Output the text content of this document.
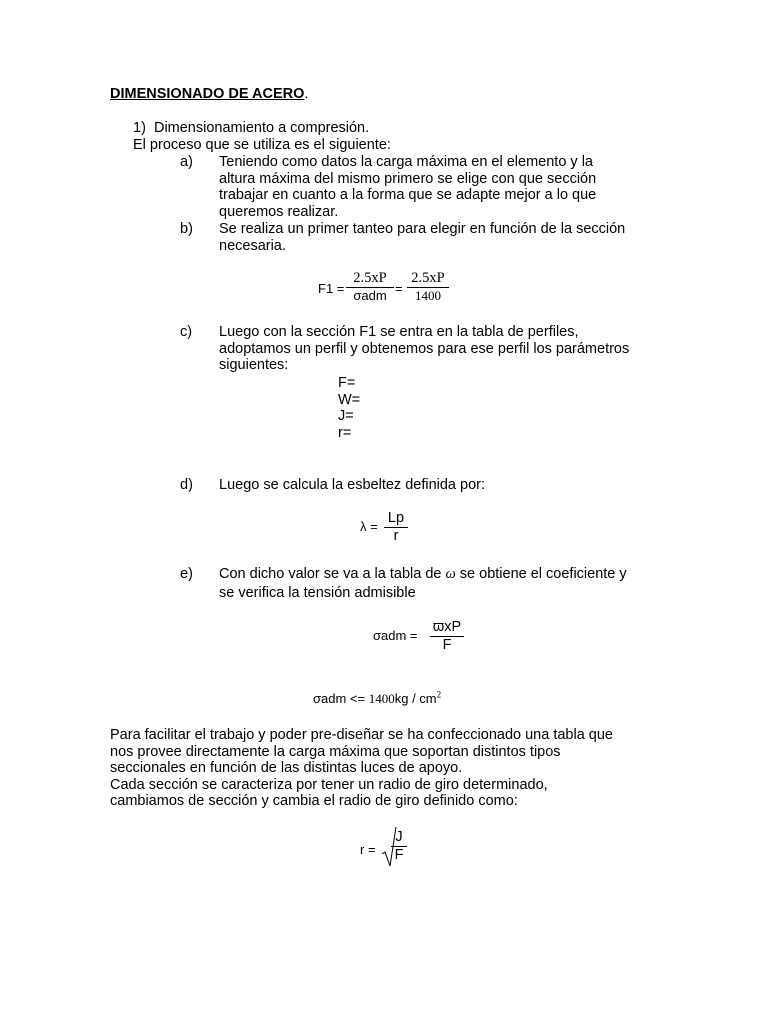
DIMENSIONADO DE ACERO.
1) Dimensionamiento a compresión.
El proceso que se utiliza es el siguiente:
a) Teniendo como datos la carga máxima en el elemento y la
altura máxima del mismo primero se elige con que sección
trabajar en cuanto a la forma que se adapte mejor a lo que
queremos realizar.
b) Se realiza un primer tanteo para elegir en función de la sección
necesaria.
F1 =
2.5xP
$\sigma adm = \frac{2.5xP}{1400}$
c) Luego con la sección F1 se entra en la tabla de perfiles,
adoptamos un perfil y obtenemos para ese perfil los parámetros
siguientes:
F=
W=
J=
r=
d) Luego se calcula la esbeltez definida por:
$\lambda = \frac{Lp}{r}$
e) Con dicho valor se va a la tabla de ω se obtiene el coeficiente y
se verifica la tensión admisible
σadm =
ϖxP
F
$\sigma adm <= 1400kg / cm^2$
Para facilitar el trabajo y poder pre-diseñar se ha confeccionado una tabla que
nos provee directamente la carga máxima que soportan distintos tipos
seccionales en función de las distintas luces de apoyo.
Cada sección se caracteriza por tener un radio de giro determinado,
cambiamos de sección y cambia el radio de giro definido como:
$r = \frac{J}{F}$
